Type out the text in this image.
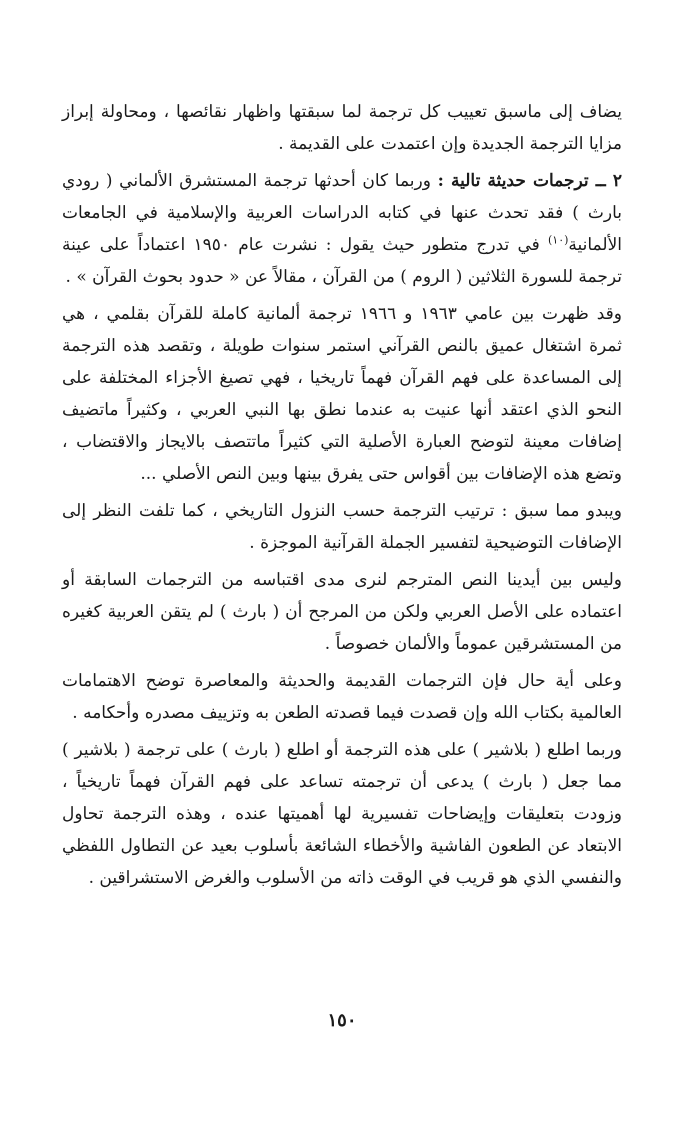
يضاف إلى ماسبق تعييب كل ترجمة لما سبقتها واظهار نقائصها ، ومحاولة إبراز مزايا الترجمة الجديدة وإن اعتمدت على القديمة .

٢ ــ ترجمات حديثة تالية : وربما كان أحدثها ترجمة المستشرق الألماني ( رودي بارث ) فقد تحدث عنها في كتابه الدراسات العربية والإسلامية في الجامعات الألمانية$^{(١٠)}$ في تدرج متطور حيث يقول : نشرت عام ١٩٥٠ اعتماداً على عينة ترجمة للسورة الثلاثين ( الروم ) من القرآن ، مقالاً عن « حدود بحوث القرآن » .

وقد ظهرت بين عامي ١٩٦٣ و ١٩٦٦ ترجمة ألمانية كاملة للقرآن بقلمي ، هي ثمرة اشتغال عميق بالنص القرآني استمر سنوات طويلة ، وتقصد هذه الترجمة إلى المساعدة على فهم القرآن فهماً تاريخيا ، فهي تصيغ الأجزاء المختلفة على النحو الذي اعتقد أنها عنيت به عندما نطق بها النبي العربي ، وكثيراً ماتضيف إضافات معينة لتوضح العبارة الأصلية التي كثيراً ماتتصف بالايجاز والاقتضاب ، وتضع هذه الإضافات بين أقواس حتى يفرق بينها وبين النص الأصلي ...

ويبدو مما سبق : ترتيب الترجمة حسب النزول التاريخي ، كما تلفت النظر إلى الإضافات التوضيحية لتفسير الجملة القرآنية الموجزة .

وليس بين أيدينا النص المترجم لنرى مدى اقتباسه من الترجمات السابقة أو اعتماده على الأصل العربي ولكن من المرجح أن ( بارث ) لم يتقن العربية كغيره من المستشرقين عموماً والألمان خصوصاً .

وعلى أية حال فإن الترجمات القديمة والحديثة والمعاصرة توضح الاهتمامات العالمية بكتاب الله وإن قصدت فيما قصدته الطعن به وتزييف مصدره وأحكامه .

وربما اطلع ( بلاشير ) على هذه الترجمة أو اطلع ( بارث ) على ترجمة ( بلاشير ) مما جعل ( بارث ) يدعى أن ترجمته تساعد على فهم القرآن فهماً تاريخياً ، وزودت بتعليقات وإيضاحات تفسيرية لها أهميتها عنده ، وهذه الترجمة تحاول الابتعاد عن الطعون الفاشية والأخطاء الشائعة بأسلوب بعيد عن التطاول اللفظي والنفسي الذي هو قريب في الوقت ذاته من الأسلوب والغرض الاستشراقين .

١٥٠
